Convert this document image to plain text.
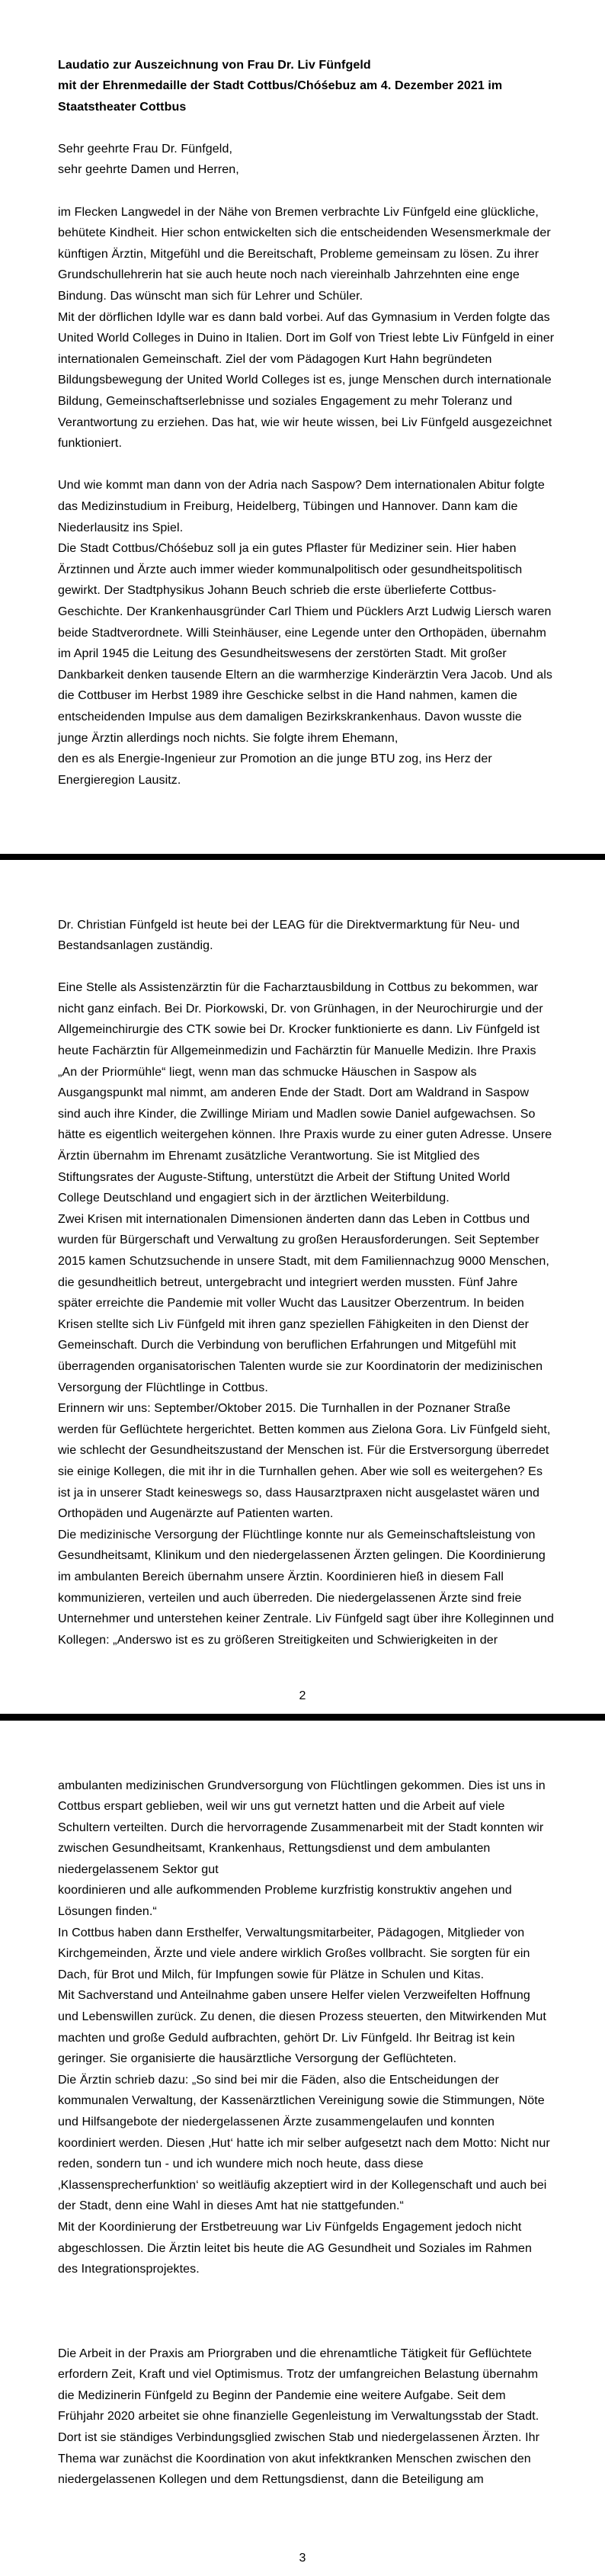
Laudatio zur Auszeichnung von Frau Dr. Liv Fünfgeld
mit der Ehrenmedaille der Stadt Cottbus/Chóśebuz am 4. Dezember 2021 im
Staatstheater Cottbus

Sehr geehrte Frau Dr. Fünfgeld,
sehr geehrte Damen und Herren,

im Flecken Langwedel in der Nähe von Bremen verbrachte Liv Fünfgeld eine glückliche,
behütete Kindheit. Hier schon entwickelten sich die entscheidenden Wesensmerkmale der
künftigen Ärztin, Mitgefühl und die Bereitschaft, Probleme gemeinsam zu lösen. Zu ihrer
Grundschullehrerin hat sie auch heute noch nach viereinhalb Jahrzehnten eine enge
Bindung. Das wünscht man sich für Lehrer und Schüler.
Mit der dörflichen Idylle war es dann bald vorbei. Auf das Gymnasium in Verden folgte das
United World Colleges in Duino in Italien. Dort im Golf von Triest lebte Liv Fünfgeld in einer
internationalen Gemeinschaft. Ziel der vom Pädagogen Kurt Hahn begründeten
Bildungsbewegung der United World Colleges ist es, junge Menschen durch internationale
Bildung, Gemeinschaftserlebnisse und soziales Engagement zu mehr Toleranz und
Verantwortung zu erziehen. Das hat, wie wir heute wissen, bei Liv Fünfgeld ausgezeichnet
funktioniert.

Und wie kommt man dann von der Adria nach Saspow? Dem internationalen Abitur folgte
das Medizinstudium in Freiburg, Heidelberg, Tübingen und Hannover. Dann kam die
Niederlausitz ins Spiel.
Die Stadt Cottbus/Chóśebuz soll ja ein gutes Pflaster für Mediziner sein. Hier haben
Ärztinnen und Ärzte auch immer wieder kommunalpolitisch oder gesundheitspolitisch
gewirkt. Der Stadtphysikus Johann Beuch schrieb die erste überlieferte Cottbus-
Geschichte. Der Krankenhausgründer Carl Thiem und Pücklers Arzt Ludwig Liersch waren
beide Stadtverordnete. Willi Steinhäuser, eine Legende unter den Orthopäden, übernahm
im April 1945 die Leitung des Gesundheitswesens der zerstörten Stadt. Mit großer
Dankbarkeit denken tausende Eltern an die warmherzige Kinderärztin Vera Jacob. Und als
die Cottbuser im Herbst 1989 ihre Geschicke selbst in die Hand nahmen, kamen die
entscheidenden Impulse aus dem damaligen Bezirkskrankenhaus. Davon wusste die
junge Ärztin allerdings noch nichts. Sie folgte ihrem Ehemann,
den es als Energie-Ingenieur zur Promotion an die junge BTU zog, ins Herz der
Energieregion Lausitz.
Dr. Christian Fünfgeld ist heute bei der LEAG für die Direktvermarktung für Neu- und
Bestandsanlagen zuständig.

Eine Stelle als Assistenzärztin für die Facharztausbildung in Cottbus zu bekommen, war
nicht ganz einfach. Bei Dr. Piorkowski, Dr. von Grünhagen, in der Neurochirurgie und der
Allgemeinchirurgie des CTK sowie bei Dr. Krocker funktionierte es dann. Liv Fünfgeld ist
heute Fachärztin für Allgemeinmedizin und Fachärztin für Manuelle Medizin. Ihre Praxis
„An der Priormühle“ liegt, wenn man das schmucke Häuschen in Saspow als
Ausgangspunkt mal nimmt, am anderen Ende der Stadt. Dort am Waldrand in Saspow
sind auch ihre Kinder, die Zwillinge Miriam und Madlen sowie Daniel aufgewachsen. So
hätte es eigentlich weitergehen können. Ihre Praxis wurde zu einer guten Adresse. Unsere
Ärztin übernahm im Ehrenamt zusätzliche Verantwortung. Sie ist Mitglied des
Stiftungsrates der Auguste-Stiftung, unterstützt die Arbeit der Stiftung United World
College Deutschland und engagiert sich in der ärztlichen Weiterbildung.
Zwei Krisen mit internationalen Dimensionen änderten dann das Leben in Cottbus und
wurden für Bürgerschaft und Verwaltung zu großen Herausforderungen. Seit September
2015 kamen Schutzsuchende in unsere Stadt, mit dem Familiennachzug 9000 Menschen,
die gesundheitlich betreut, untergebracht und integriert werden mussten. Fünf Jahre
später erreichte die Pandemie mit voller Wucht das Lausitzer Oberzentrum. In beiden
Krisen stellte sich Liv Fünfgeld mit ihren ganz speziellen Fähigkeiten in den Dienst der
Gemeinschaft. Durch die Verbindung von beruflichen Erfahrungen und Mitgefühl mit
überragenden organisatorischen Talenten wurde sie zur Koordinatorin der medizinischen
Versorgung der Flüchtlinge in Cottbus.
Erinnern wir uns: September/Oktober 2015. Die Turnhallen in der Poznaner Straße
werden für Geflüchtete hergerichtet. Betten kommen aus Zielona Gora. Liv Fünfgeld sieht,
wie schlecht der Gesundheitszustand der Menschen ist. Für die Erstversorgung überredet
sie einige Kollegen, die mit ihr in die Turnhallen gehen. Aber wie soll es weitergehen? Es
ist ja in unserer Stadt keineswegs so, dass Hausarztpraxen nicht ausgelastet wären und
Orthopäden und Augenärzte auf Patienten warten.
Die medizinische Versorgung der Flüchtlinge konnte nur als Gemeinschaftsleistung von
Gesundheitsamt, Klinikum und den niedergelassenen Ärzten gelingen. Die Koordinierung
im ambulanten Bereich übernahm unsere Ärztin. Koordinieren hieß in diesem Fall
kommunizieren, verteilen und auch überreden. Die niedergelassenen Ärzte sind freie
Unternehmer und unterstehen keiner Zentrale. Liv Fünfgeld sagt über ihre Kolleginnen und
Kollegen: „Anderswo ist es zu größeren Streitigkeiten und Schwierigkeiten in der
2
ambulanten medizinischen Grundversorgung von Flüchtlingen gekommen. Dies ist uns in
Cottbus erspart geblieben, weil wir uns gut vernetzt hatten und die Arbeit auf viele
Schultern verteilten. Durch die hervorragende Zusammenarbeit mit der Stadt konnten wir
zwischen Gesundheitsamt, Krankenhaus, Rettungsdienst und dem ambulanten
niedergelassenem Sektor gut
koordinieren und alle aufkommenden Probleme kurzfristig konstruktiv angehen und
Lösungen finden.“
In Cottbus haben dann Ersthelfer, Verwaltungsmitarbeiter, Pädagogen, Mitglieder von
Kirchgemeinden, Ärzte und viele andere wirklich Großes vollbracht. Sie sorgten für ein
Dach, für Brot und Milch, für Impfungen sowie für Plätze in Schulen und Kitas.
Mit Sachverstand und Anteilnahme gaben unsere Helfer vielen Verzweifelten Hoffnung
und Lebenswillen zurück. Zu denen, die diesen Prozess steuerten, den Mitwirkenden Mut
machten und große Geduld aufbrachten, gehört Dr. Liv Fünfgeld. Ihr Beitrag ist kein
geringer. Sie organisierte die hausärztliche Versorgung der Geflüchteten.
Die Ärztin schrieb dazu: „So sind bei mir die Fäden, also die Entscheidungen der
kommunalen Verwaltung, der Kassenärztlichen Vereinigung sowie die Stimmungen, Nöte
und Hilfsangebote der niedergelassenen Ärzte zusammengelaufen und konnten
koordiniert werden. Diesen ‚Hut‘ hatte ich mir selber aufgesetzt nach dem Motto: Nicht nur
reden, sondern tun - und ich wundere mich noch heute, dass diese
‚Klassensprecherfunktion‘ so weitläufig akzeptiert wird in der Kollegenschaft und auch bei
der Stadt, denn eine Wahl in dieses Amt hat nie stattgefunden.“
Mit der Koordinierung der Erstbetreuung war Liv Fünfgelds Engagement jedoch nicht
abgeschlossen. Die Ärztin leitet bis heute die AG Gesundheit und Soziales im Rahmen
des Integrationsprojektes.

Die Arbeit in der Praxis am Priorgraben und die ehrenamtliche Tätigkeit für Geflüchtete
erfordern Zeit, Kraft und viel Optimismus. Trotz der umfangreichen Belastung übernahm
die Medizinerin Fünfgeld zu Beginn der Pandemie eine weitere Aufgabe. Seit dem
Frühjahr 2020 arbeitet sie ohne finanzielle Gegenleistung im Verwaltungsstab der Stadt.
Dort ist sie ständiges Verbindungsglied zwischen Stab und niedergelassenen Ärzten. Ihr
Thema war zunächst die Koordination von akut infektkranken Menschen zwischen den
niedergelassenen Kollegen und dem Rettungsdienst, dann die Beteiligung am
3
